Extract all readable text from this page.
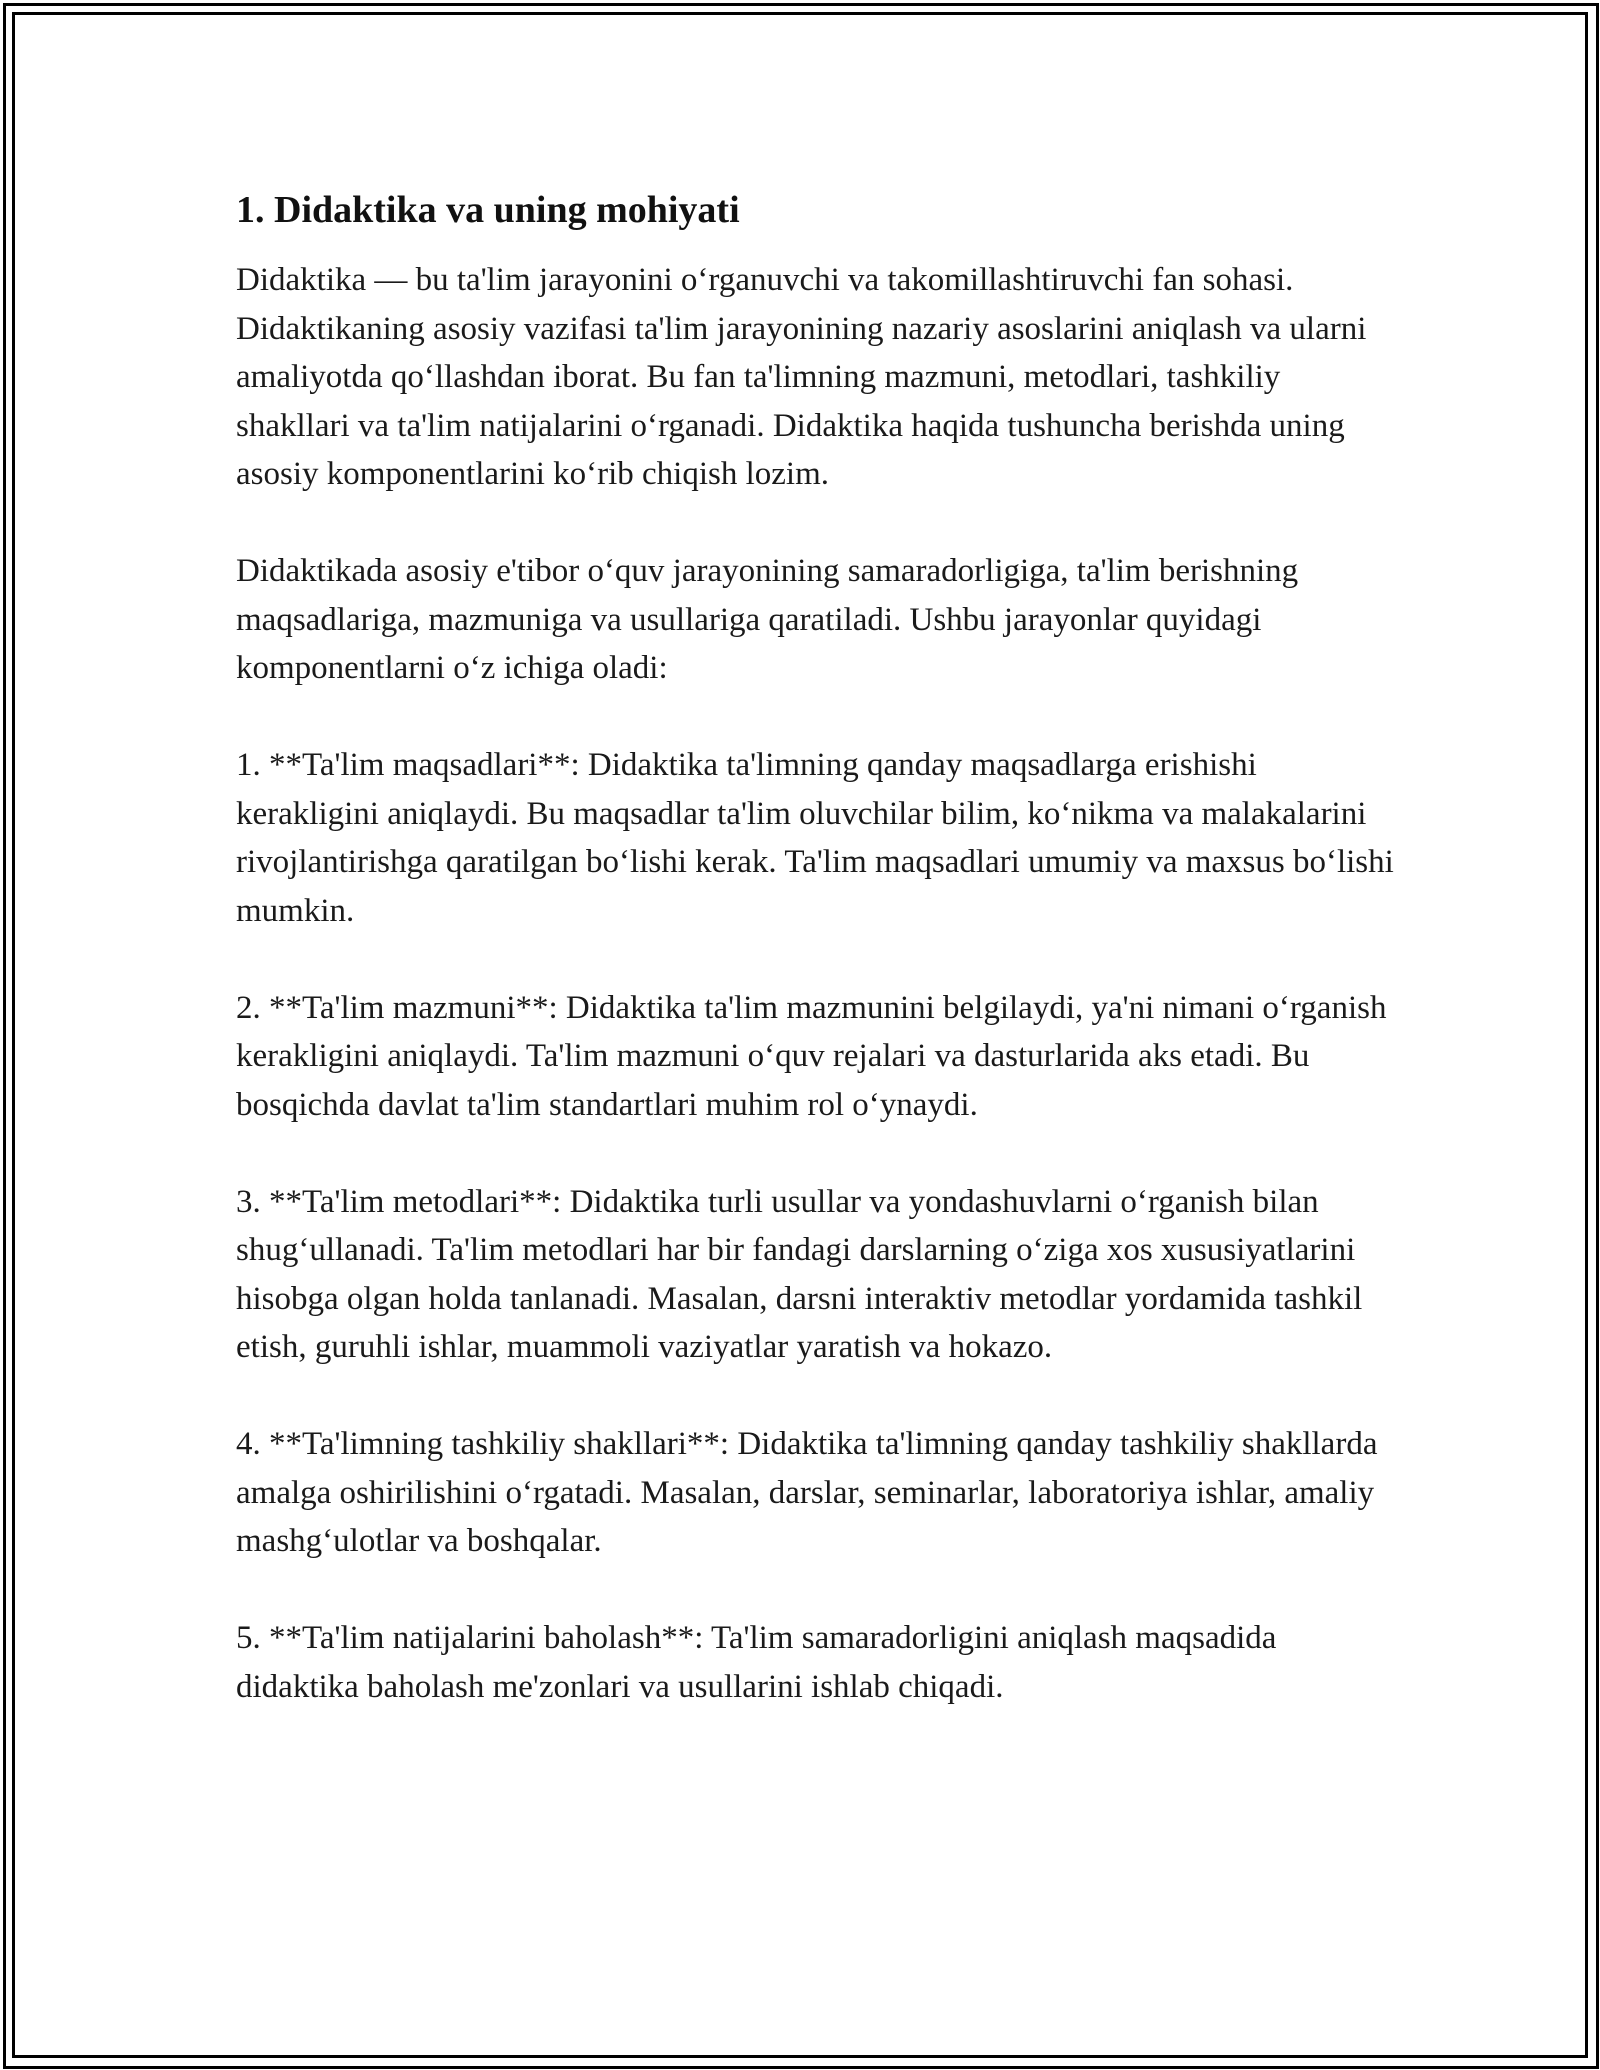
1. Didaktika va uning mohiyati

Didaktika — bu ta'lim jarayonini o‘rganuvchi va takomillashtiruvchi fan sohasi. Didaktikaning asosiy vazifasi ta'lim jarayonining nazariy asoslarini aniqlash va ularni amaliyotda qo‘llashdan iborat. Bu fan ta'limning mazmuni, metodlari, tashkiliy shakllari va ta'lim natijalarini o‘rganadi. Didaktika haqida tushuncha berishda uning asosiy komponentlarini ko‘rib chiqish lozim.

Didaktikada asosiy e'tibor o‘quv jarayonining samaradorligiga, ta'lim berishning maqsadlariga, mazmuniga va usullariga qaratiladi. Ushbu jarayonlar quyidagi komponentlarni o‘z ichiga oladi:

1. **Ta'lim maqsadlari**: Didaktika ta'limning qanday maqsadlarga erishishi kerakligini aniqlaydi. Bu maqsadlar ta'lim oluvchilar bilim, ko‘nikma va malakalarini rivojlantirishga qaratilgan bo‘lishi kerak. Ta'lim maqsadlari umumiy va maxsus bo‘lishi mumkin.

2. **Ta'lim mazmuni**: Didaktika ta'lim mazmunini belgilaydi, ya'ni nimani o‘rganish kerakligini aniqlaydi. Ta'lim mazmuni o‘quv rejalari va dasturlarida aks etadi. Bu bosqichda davlat ta'lim standartlari muhim rol o‘ynaydi.

3. **Ta'lim metodlari**: Didaktika turli usullar va yondashuvlarni o‘rganish bilan shug‘ullanadi. Ta'lim metodlari har bir fandagi darslarning o‘ziga xos xususiyatlarini hisobga olgan holda tanlanadi. Masalan, darsni interaktiv metodlar yordamida tashkil etish, guruhli ishlar, muammoli vaziyatlar yaratish va hokazo.

4. **Ta'limning tashkiliy shakllari**: Didaktika ta'limning qanday tashkiliy shakllarda amalga oshirilishini o‘rgatadi. Masalan, darslar, seminarlar, laboratoriya ishlar, amaliy mashg‘ulotlar va boshqalar.

5. **Ta'lim natijalarini baholash**: Ta'lim samaradorligini aniqlash maqsadida didaktika baholash me'zonlari va usullarini ishlab chiqadi.
